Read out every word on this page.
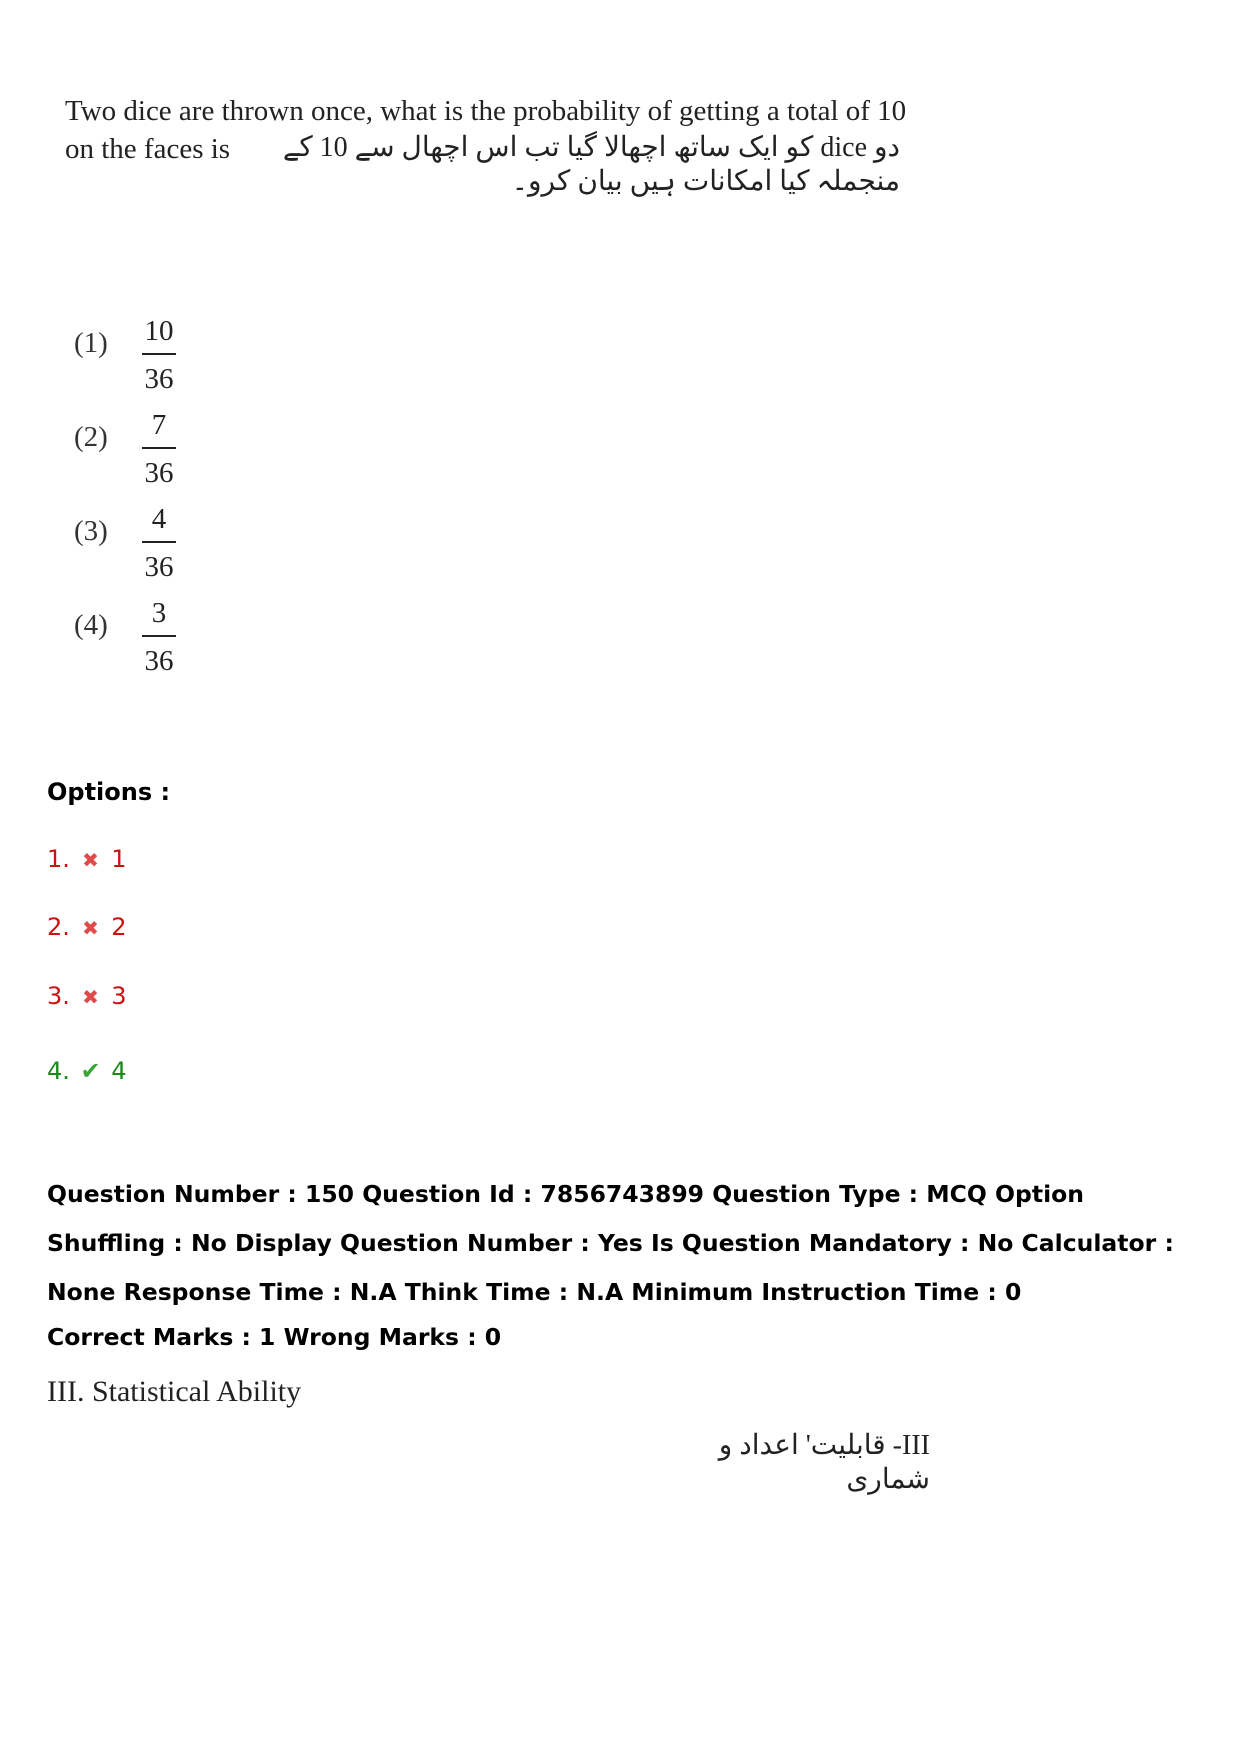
Two dice are thrown once, what is the probability of getting a total of 10 on the faces is	دو dice کو ایک ساتھ اچھالا گیا تب اس اچھال سے 10 کے منجملہ کیا امکانات ہیں بیان کرو۔
(1) 10
36
(2)	7
36
(3)	4
36
(4)	3
36

Options :

1. ✖ 1
2. ✖ 2
3. ✖ 3
4. ✔ 4

Question Number : 150 Question Id : 7856743899 Question Type : MCQ Option Shuffling : No Display Question Number : Yes Is Question Mandatory : No Calculator : None Response Time : N.A Think Time : N.A Minimum Instruction Time : 0

Correct Marks : 1 Wrong Marks : 0

III. Statistical Ability

III- قابلیت' اعداد و شماری
